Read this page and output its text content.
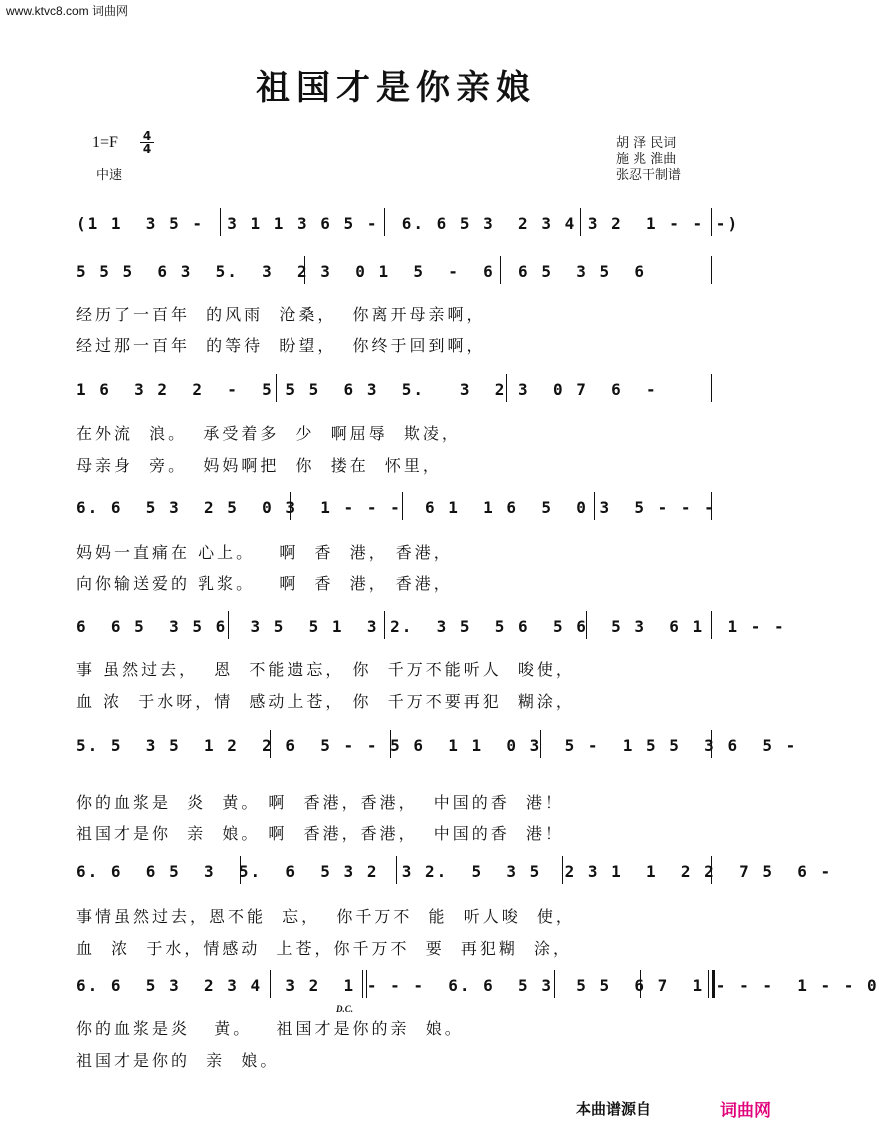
www.ktvc8.com 词曲网
祖国才是你亲娘
1=F 4
4
中速
胡 泽 民词
施 兆 淮曲
张忍干制谱
(1 1  3 5 -  3 1 1 3 6 5 -  6. 6 5 3  2 3 4 3 2  1 - - -)
5 5 5  6 3  5.  3  2 3  0 1  5  -  6  6 5  3 5  6
经历了一百年  的风雨  沧桑，  你离开母亲啊，
经过那一百年  的等待  盼望，  你终于回到啊，
1 6  3 2  2  -  5 5 5  6 3  5.   3  2 3  0 7  6  -
在外流  浪。  承受着多  少  啊屈辱  欺凌，
母亲身  旁。  妈妈啊把  你  搂在  怀里，
6. 6  5 3  2 5  0 3  1 - - -  6 1  1 6  5  0 3  5 - - -
妈妈一直痛在 心上。   啊  香  港， 香港，
向你输送爱的 乳浆。   啊  香  港， 香港，
6  6 5  3 5 6  3 5  5 1  3 2.  3 5  5 6  5 6  5 3  6 1  1 - -
事 虽然过去，  恩  不能遗忘， 你  千万不能听人  唆使，
血 浓  于水呀，情  感动上苍， 你  千万不要再犯  糊涂，
5. 5  3 5  1 2  2 6  5 - - 5 6  1 1  0 3  5 -  1 5 5  3 6  5 -
你的血浆是  炎  黄。 啊  香港，香港，  中国的香  港！
祖国才是你  亲  娘。 啊  香港，香港，  中国的香  港！
6. 6  6 5  3  5.  6  5 3 2  3 2.  5  3 5  2 3 1  1  2 2  7 5  6 -
事情虽然过去，恩不能  忘，  你千万不  能  听人唆  使，
血  浓  于水，情感动  上苍，你千万不  要  再犯糊  涂，
6. 6  5 3  2 3 4  3 2  1 - - -  6. 6  5 3  5 5  6 7  1 - - -  1 - - 0
D.C.
你的血浆是炎   黄。   祖国才是你的亲  娘。
祖国才是你的  亲  娘。
本曲谱源自	词曲网
